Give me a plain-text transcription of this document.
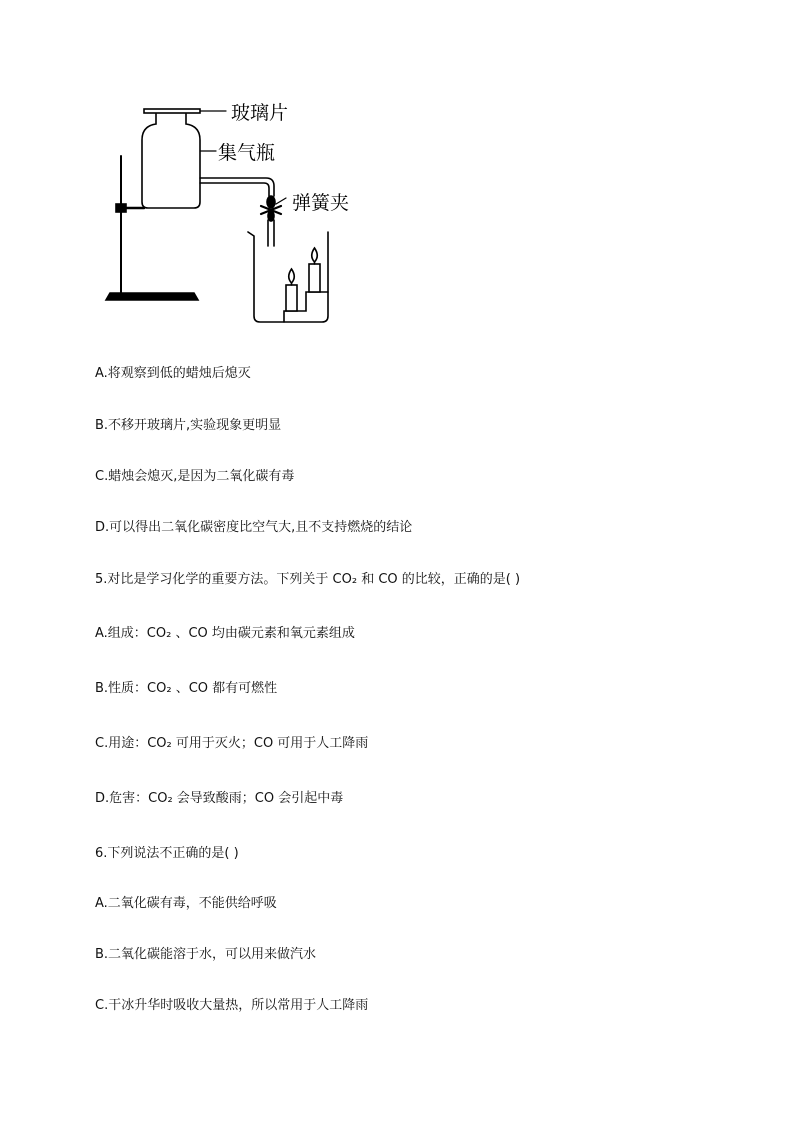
玻璃片
集气瓶
弹簧夹
A.将观察到低的蜡烛后熄灭
B.不移开玻璃片,实验现象更明显
C.蜡烛会熄灭,是因为二氧化碳有毒
D.可以得出二氧化碳密度比空气大,且不支持燃烧的结论
5.对比是学习化学的重要方法。下列关于 CO₂ 和 CO 的比较，正确的是( )
A.组成：CO₂ 、CO 均由碳元素和氧元素组成
B.性质：CO₂ 、CO 都有可燃性
C.用途：CO₂ 可用于灭火；CO 可用于人工降雨
D.危害：CO₂ 会导致酸雨；CO 会引起中毒
6.下列说法不正确的是( )
A.二氧化碳有毒，不能供给呼吸
B.二氧化碳能溶于水，可以用来做汽水
C.干冰升华时吸收大量热，所以常用于人工降雨
